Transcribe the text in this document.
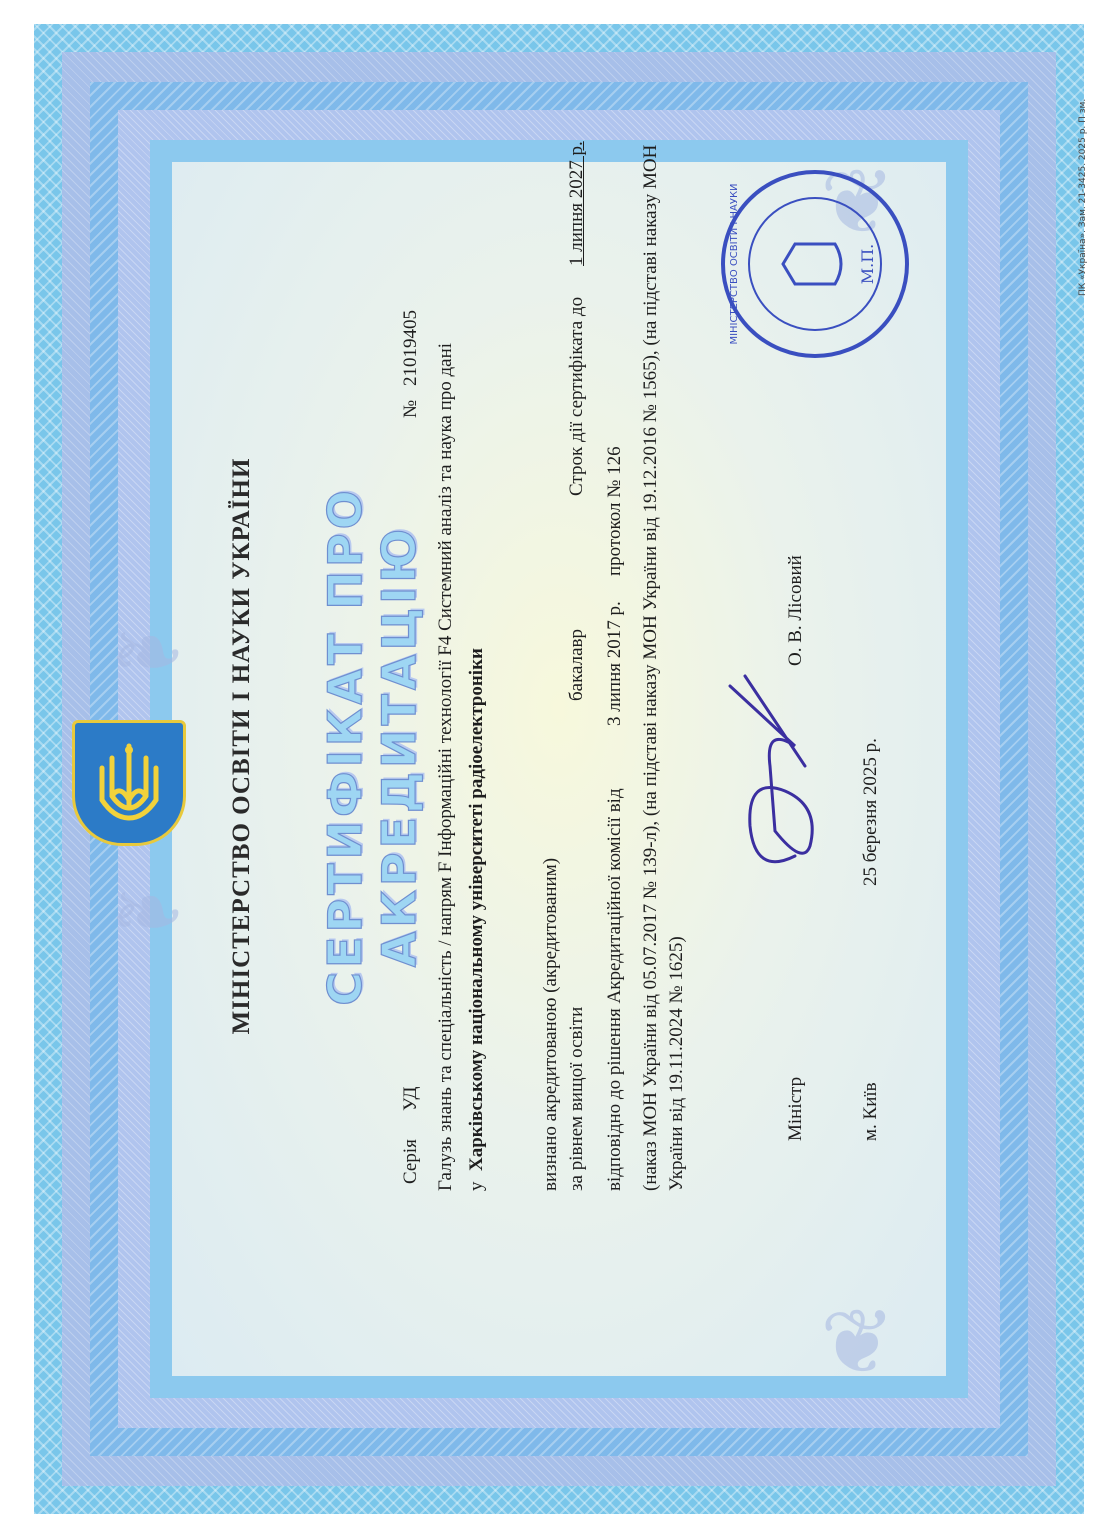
❦
❦
❧
❧ МІНІСТЕРСТВО ОСВІТИ І НАУКИ УКРАЇНИ СЕРТИФІКАТ ПРО АКРЕДИТАЦІЮ
Серія
УД
№
21019405 Галузь знань та спеціальність / напрям F Інформаційні технології F4 Системний аналіз та наука про дані у
Харківському національному університеті радіоелектроніки	визнано акредитованою (акредитованим) за рівнем вищої освіти
бакалавр
Строк дії сертифіката до
1 липня 2027 р.
відповідно до рішення Акредитаційної комісії від
3 липня 2017 р.
протокол № 126 (наказ МОН України від 05.07.2017 № 139-л), (на підставі наказу МОН України від 19.12.2016 № 1565), (на підставі наказу МОН України від 19.11.2024 № 1625)	Міністр
О. В. Лісовий
м. Київ
25 березня 2025 р.
М.П.
МІНІСТЕРСТВО ОСВІТИ І НАУКИ	ПК «Україна». Зам. 21-3425. 2025 р. П зм.
